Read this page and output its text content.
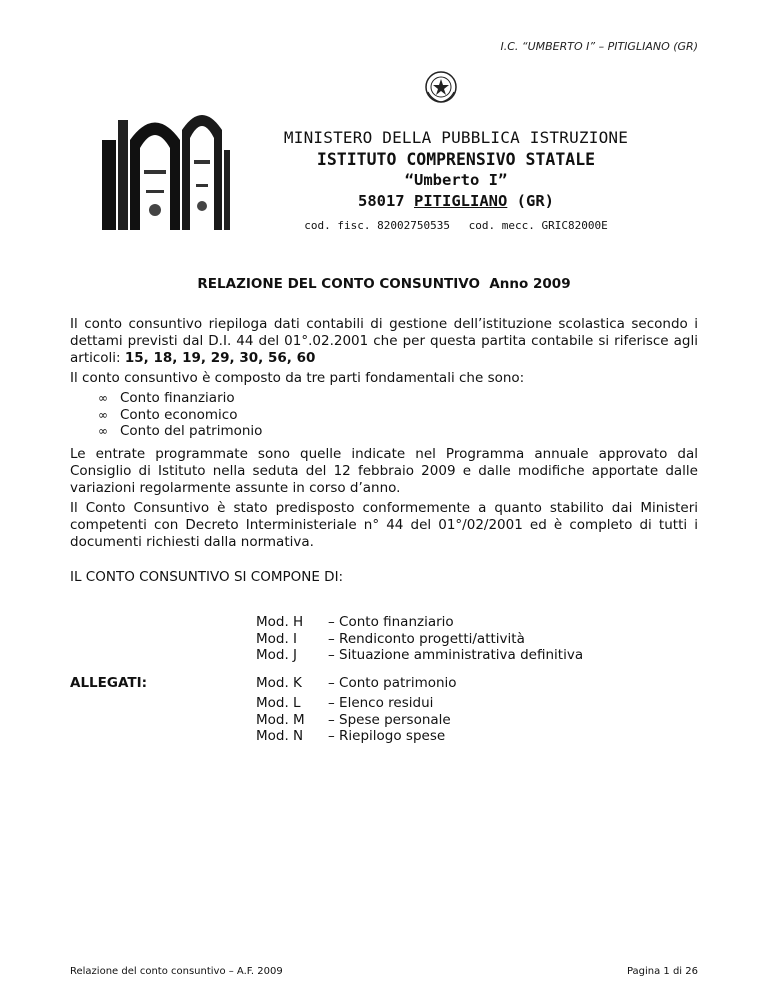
I.C. “UMBERTO I” – PITIGLIANO (GR)
MINISTERO DELLA PUBBLICA ISTRUZIONE
ISTITUTO COMPRENSIVO STATALE
“Umberto I”
58017 PITIGLIANO (GR)
cod. fisc. 82002750535 cod. mecc. GRIC82000E
RELAZIONE DEL CONTO CONSUNTIVO  Anno 2009
Il conto consuntivo riepiloga dati contabili di gestione dell’istituzione scolastica secondo i dettami previsti dal D.I. 44 del 01°.02.2001 che per questa partita contabile si riferisce agli articoli: 15, 18, 19, 29, 30, 56, 60
Il conto consuntivo è composto da tre parti fondamentali che sono:
∞ Conto finanziario
∞ Conto economico
∞ Conto del patrimonio
Le entrate programmate sono quelle indicate nel Programma annuale approvato dal Consiglio di Istituto nella seduta del 12 febbraio 2009 e dalle modifiche apportate dalle variazioni regolarmente assunte in corso d’anno.
Il Conto Consuntivo è stato predisposto conformemente a quanto stabilito dai Ministeri competenti con Decreto Interministeriale n° 44 del 01°/02/2001 ed è completo di tutti i documenti richiesti dalla normativa.
IL CONTO CONSUNTIVO SI COMPONE DI:
Mod. H
Mod. I
Mod. J
– Conto finanziario
– Rendiconto progetti/attività
– Situazione amministrativa definitiva
ALLEGATI:	Mod. K – Conto patrimonio
Mod. L
Mod. M
Mod. N
– Elenco residui
– Spese personale
– Riepilogo spese
Relazione del conto consuntivo – A.F. 2009	Pagina 1 di 26
